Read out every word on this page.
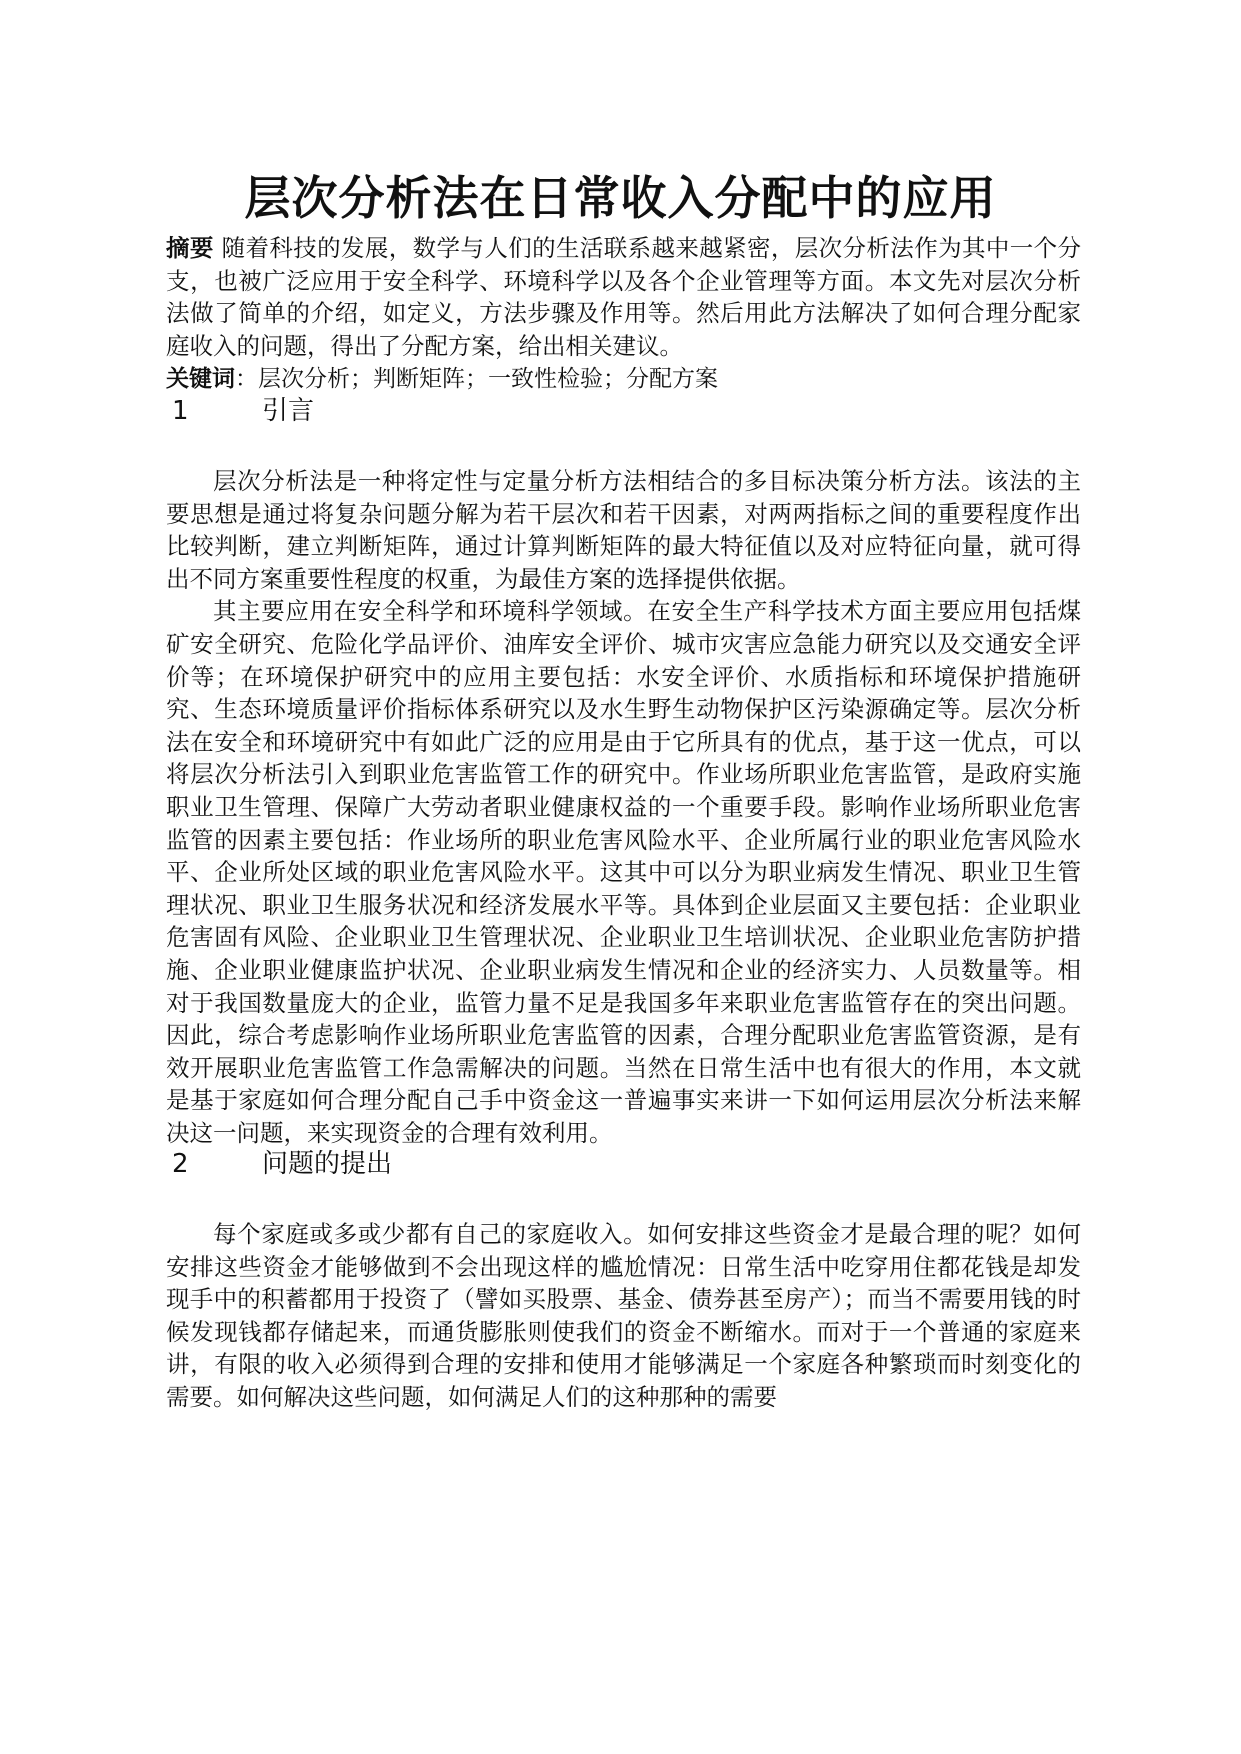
层次分析法在日常收入分配中的应用

摘要 随着科技的发展，数学与人们的生活联系越来越紧密，层次分析法作为其中一个分支，也被广泛应用于安全科学、环境科学以及各个企业管理等方面。本文先对层次分析法做了简单的介绍，如定义，方法步骤及作用等。然后用此方法解决了如何合理分配家庭收入的问题，得出了分配方案，给出相关建议。

关键词：层次分析；判断矩阵；一致性检验；分配方案

1	引言

层次分析法是一种将定性与定量分析方法相结合的多目标决策分析方法。该法的主要思想是通过将复杂问题分解为若干层次和若干因素，对两两指标之间的重要程度作出比较判断，建立判断矩阵，通过计算判断矩阵的最大特征值以及对应特征向量，就可得出不同方案重要性程度的权重，为最佳方案的选择提供依据。

其主要应用在安全科学和环境科学领域。在安全生产科学技术方面主要应用包括煤矿安全研究、危险化学品评价、油库安全评价、城市灾害应急能力研究以及交通安全评价等；在环境保护研究中的应用主要包括：水安全评价、水质指标和环境保护措施研究、生态环境质量评价指标体系研究以及水生野生动物保护区污染源确定等。层次分析法在安全和环境研究中有如此广泛的应用是由于它所具有的优点，基于这一优点，可以将层次分析法引入到职业危害监管工作的研究中。作业场所职业危害监管，是政府实施职业卫生管理、保障广大劳动者职业健康权益的一个重要手段。影响作业场所职业危害监管的因素主要包括：作业场所的职业危害风险水平、企业所属行业的职业危害风险水平、企业所处区域的职业危害风险水平。这其中可以分为职业病发生情况、职业卫生管理状况、职业卫生服务状况和经济发展水平等。具体到企业层面又主要包括：企业职业危害固有风险、企业职业卫生管理状况、企业职业卫生培训状况、企业职业危害防护措施、企业职业健康监护状况、企业职业病发生情况和企业的经济实力、人员数量等。相对于我国数量庞大的企业，监管力量不足是我国多年来职业危害监管存在的突出问题。因此，综合考虑影响作业场所职业危害监管的因素，合理分配职业危害监管资源，是有效开展职业危害监管工作急需解决的问题。当然在日常生活中也有很大的作用，本文就是基于家庭如何合理分配自己手中资金这一普遍事实来讲一下如何运用层次分析法来解决这一问题，来实现资金的合理有效利用。

2	问题的提出

每个家庭或多或少都有自己的家庭收入。如何安排这些资金才是最合理的呢？如何安排这些资金才能够做到不会出现这样的尴尬情况：日常生活中吃穿用住都花钱是却发现手中的积蓄都用于投资了（譬如买股票、基金、债券甚至房产）；而当不需要用钱的时候发现钱都存储起来，而通货膨胀则使我们的资金不断缩水。而对于一个普通的家庭来讲，有限的收入必须得到合理的安排和使用才能够满足一个家庭各种繁琐而时刻变化的需要。如何解决这些问题，如何满足人们的这种那种的需要
